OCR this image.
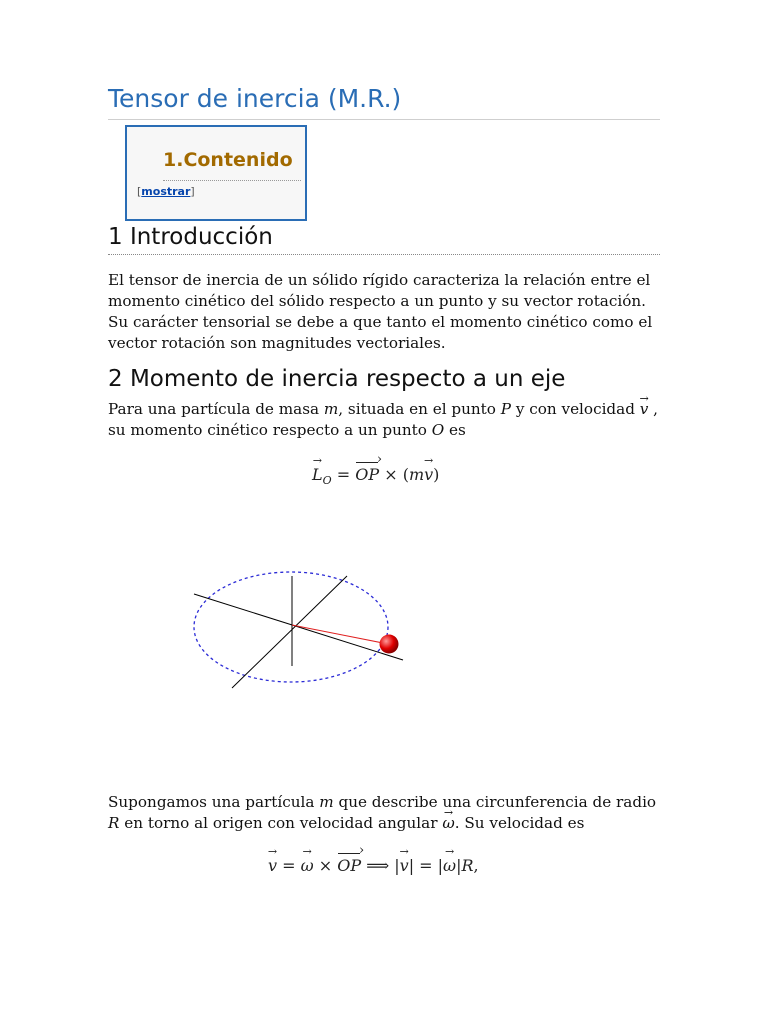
Tensor de inercia (M.R.)
1.Contenido
[mostrar]
1 Introducción

El tensor de inercia de un sólido rígido caracteriza la relación entre el momento cinético del sólido respecto a un punto y su vector rotación. Su carácter tensorial se debe a que tanto el momento cinético como el vector rotación son magnitudes vectoriales.

2 Momento de inercia respecto a un eje

Para una partícula de masa m, situada en el punto P y con velocidad → v , su momento cinético respecto a un punto O es

→ $L_O$ = OP › × (m→ v)

Supongamos una partícula m que describe una circunferencia de radio R en torno al origen con velocidad angular → ω. Su velocidad es

→ v = → ω × OP › ⟹ |→ v| = |→ ω|R,
